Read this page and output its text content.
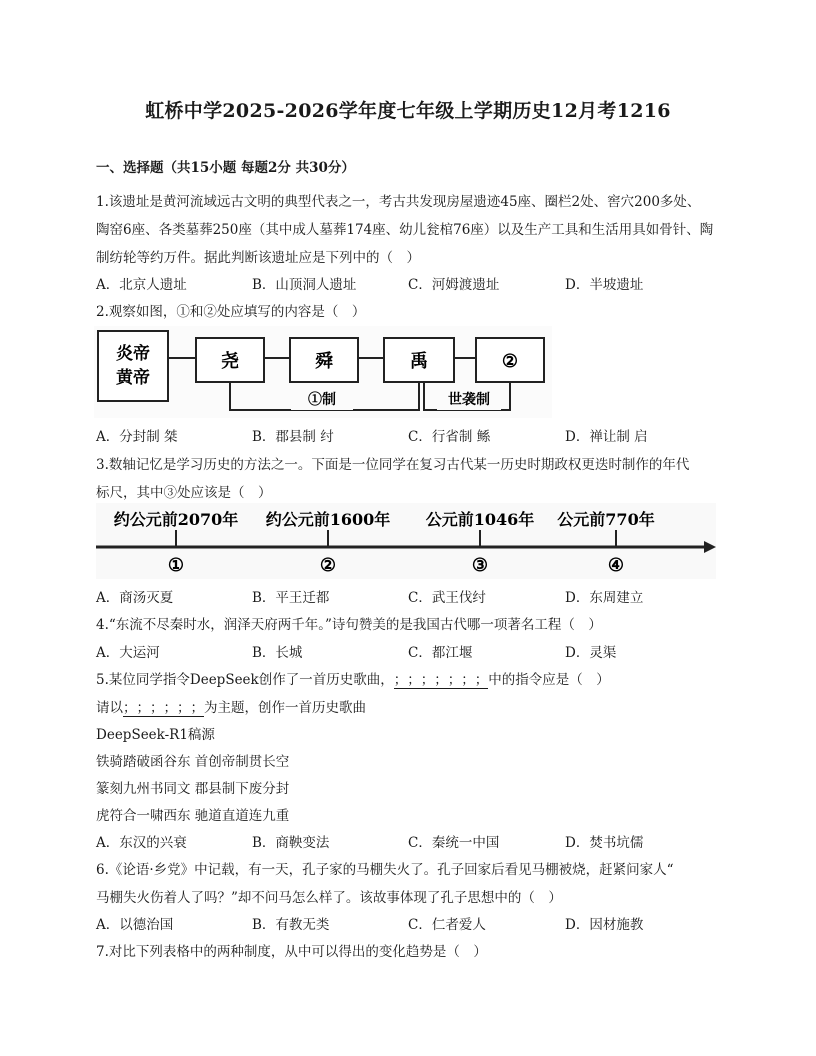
虹桥中学2025-2026学年度七年级上学期历史12月考1216
一、选择题（共15小题 每题2分 共30分）
1.该遗址是黄河流域远古文明的典型代表之一，考古共发现房屋遗迹45座、圈栏2处、窖穴200多处、
陶窑6座、各类墓葬250座（其中成人墓葬174座、幼儿瓮棺76座）以及生产工具和生活用具如骨针、陶
制纺轮等约万件。据此判断该遗址应是下列中的（　）
A．北京人遗址	B．山顶洞人遗址	C．河姆渡遗址	D．半坡遗址
2.观察如图，①和②处应填写的内容是（　）
炎帝
黄帝
尧	舜	禹	②
①制	世袭制
A．分封制 桀	B．郡县制 纣	C．行省制 鲧	D．禅让制 启
3.数轴记忆是学习历史的方法之一。下面是一位同学在复习古代某一历史时期政权更迭时制作的年代
标尺，其中③处应该是（　）
约公元前2070年 约公元前1600年 公元前1046年 公元前770年
①	②	③	④
A．商汤灭夏	B．平王迁都	C．武王伐纣	D．东周建立
4.“东流不尽秦时水，润泽天府两千年。”诗句赞美的是我国古代哪一项著名工程（　）
A．大运河	B．长城	C．都江堰	D．灵渠
5.某位同学指令DeepSeek创作了一首历史歌曲，；；；；；；；中的指令应是（　）
请以；；；；；；为主题，创作一首历史歌曲
DeepSeek-R1稿源
铁骑踏破函谷东 首创帝制贯长空
篆刻九州书同文 郡县制下废分封
虎符合一啸西东 驰道直道连九重
A．东汉的兴衰	B．商鞅变法	C．秦统一中国	D．焚书坑儒
6.《论语·乡党》中记载，有一天，孔子家的马棚失火了。孔子回家后看见马棚被烧，赶紧问家人“
马棚失火伤着人了吗？”却不问马怎么样了。该故事体现了孔子思想中的（　）
A．以德治国	B．有教无类	C．仁者爱人	D．因材施教
7.对比下列表格中的两种制度，从中可以得出的变化趋势是（　）
